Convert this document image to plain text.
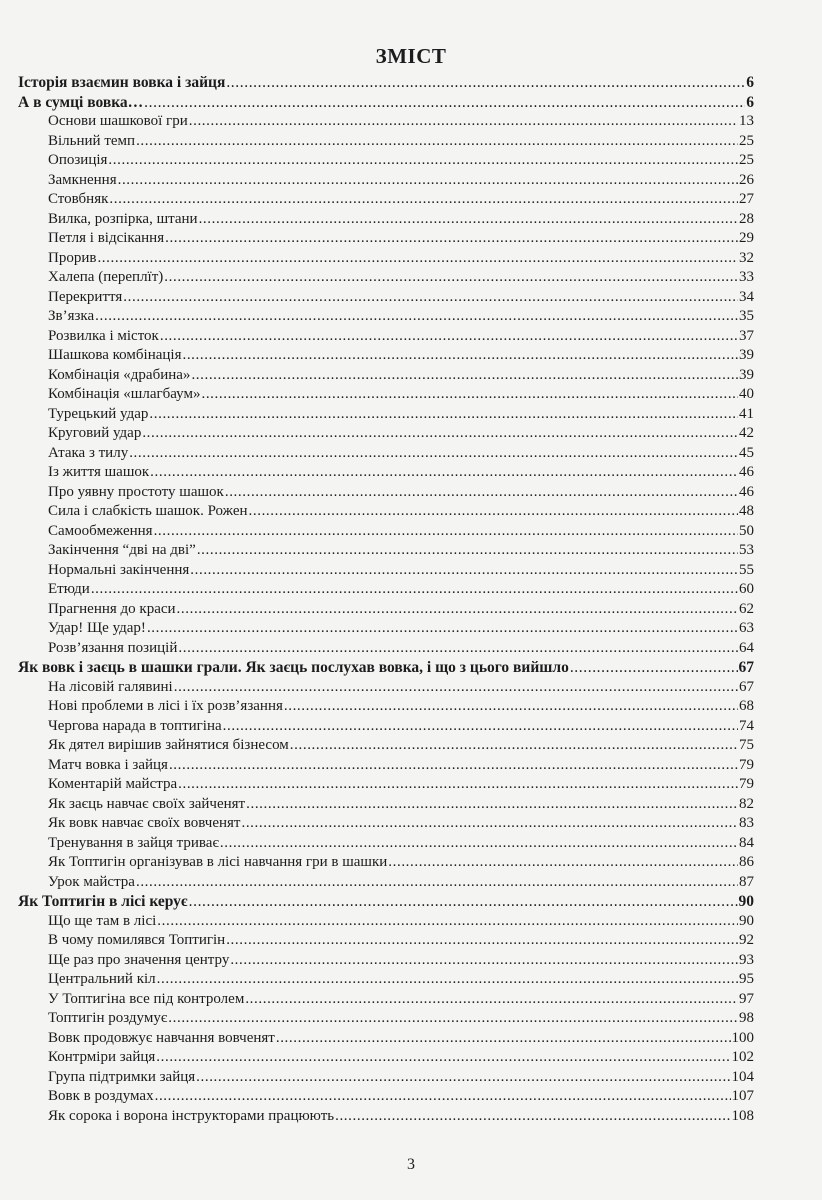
ЗМІСТ
Історія взаємин вовка і зайця .....	6
А в сумці вовка… .....	6
Основи шашкової гри .....	13
Вільний темп .....	25
Опозиція .....	25
Замкнення .....	26
Стовбняк .....	27
Вилка, розпірка, штани .....	28
Петля і відсікання .....	29
Прорив .....	32
Халепа (переплїт) .....	33
Перекриття .....	34
Зв’язка .....	35
Розвилка і місток .....	37
Шашкова комбінація .....	39
Комбінація «драбина» .....	39
Комбінація «шлагбаум» .....	40
Турецький удар .....	41
Круговий удар .....	42
Атака з тилу .....	45
Із життя шашок .....	46
Про уявну простоту шашок .....	46
Сила і слабкість шашок. Рожен .....	48
Самообмеження .....	50
Закінчення “дві на дві” .....	53
Нормальні закінчення .....	55
Етюди .....	60
Прагнення до краси .....	62
Удар! Ще удар! .....	63
Розв’язання позицій .....	64
Як вовк і заєць в шашки грали. Як заєць послухав вовка, і що з цього вийшло .....	67
На лісовій галявині .....	67
Нові проблеми в лісі і їх розв’язання .....	68
Чергова нарада в топтигіна .....	74
Як дятел вирішив зайнятися бізнесом .....	75
Матч вовка і зайця .....	79
Коментарій майстра .....	79
Як заєць навчає своїх зайченят .....	82
Як вовк навчає своїх вовченят .....	83
Тренування в зайця триває .....	84
Як Топтигін організував в лісі навчання гри в шашки .....	86
Урок майстра .....	87
Як Топтигін в лісі керує .....	90
Що ще там в лісі .....	90
В чому помилявся Топтигін .....	92
Ще раз про значення центру .....	93
Центральний кіл .....	95
У Топтигіна все під контролем .....	97
Топтигін роздумує .....	98
Вовк продовжує навчання вовченят .....	100
Контрміри зайця .....	102
Група підтримки зайця .....	104
Вовк в роздумах .....	107
Як сорока і ворона інструкторами працюють .....	108
3
